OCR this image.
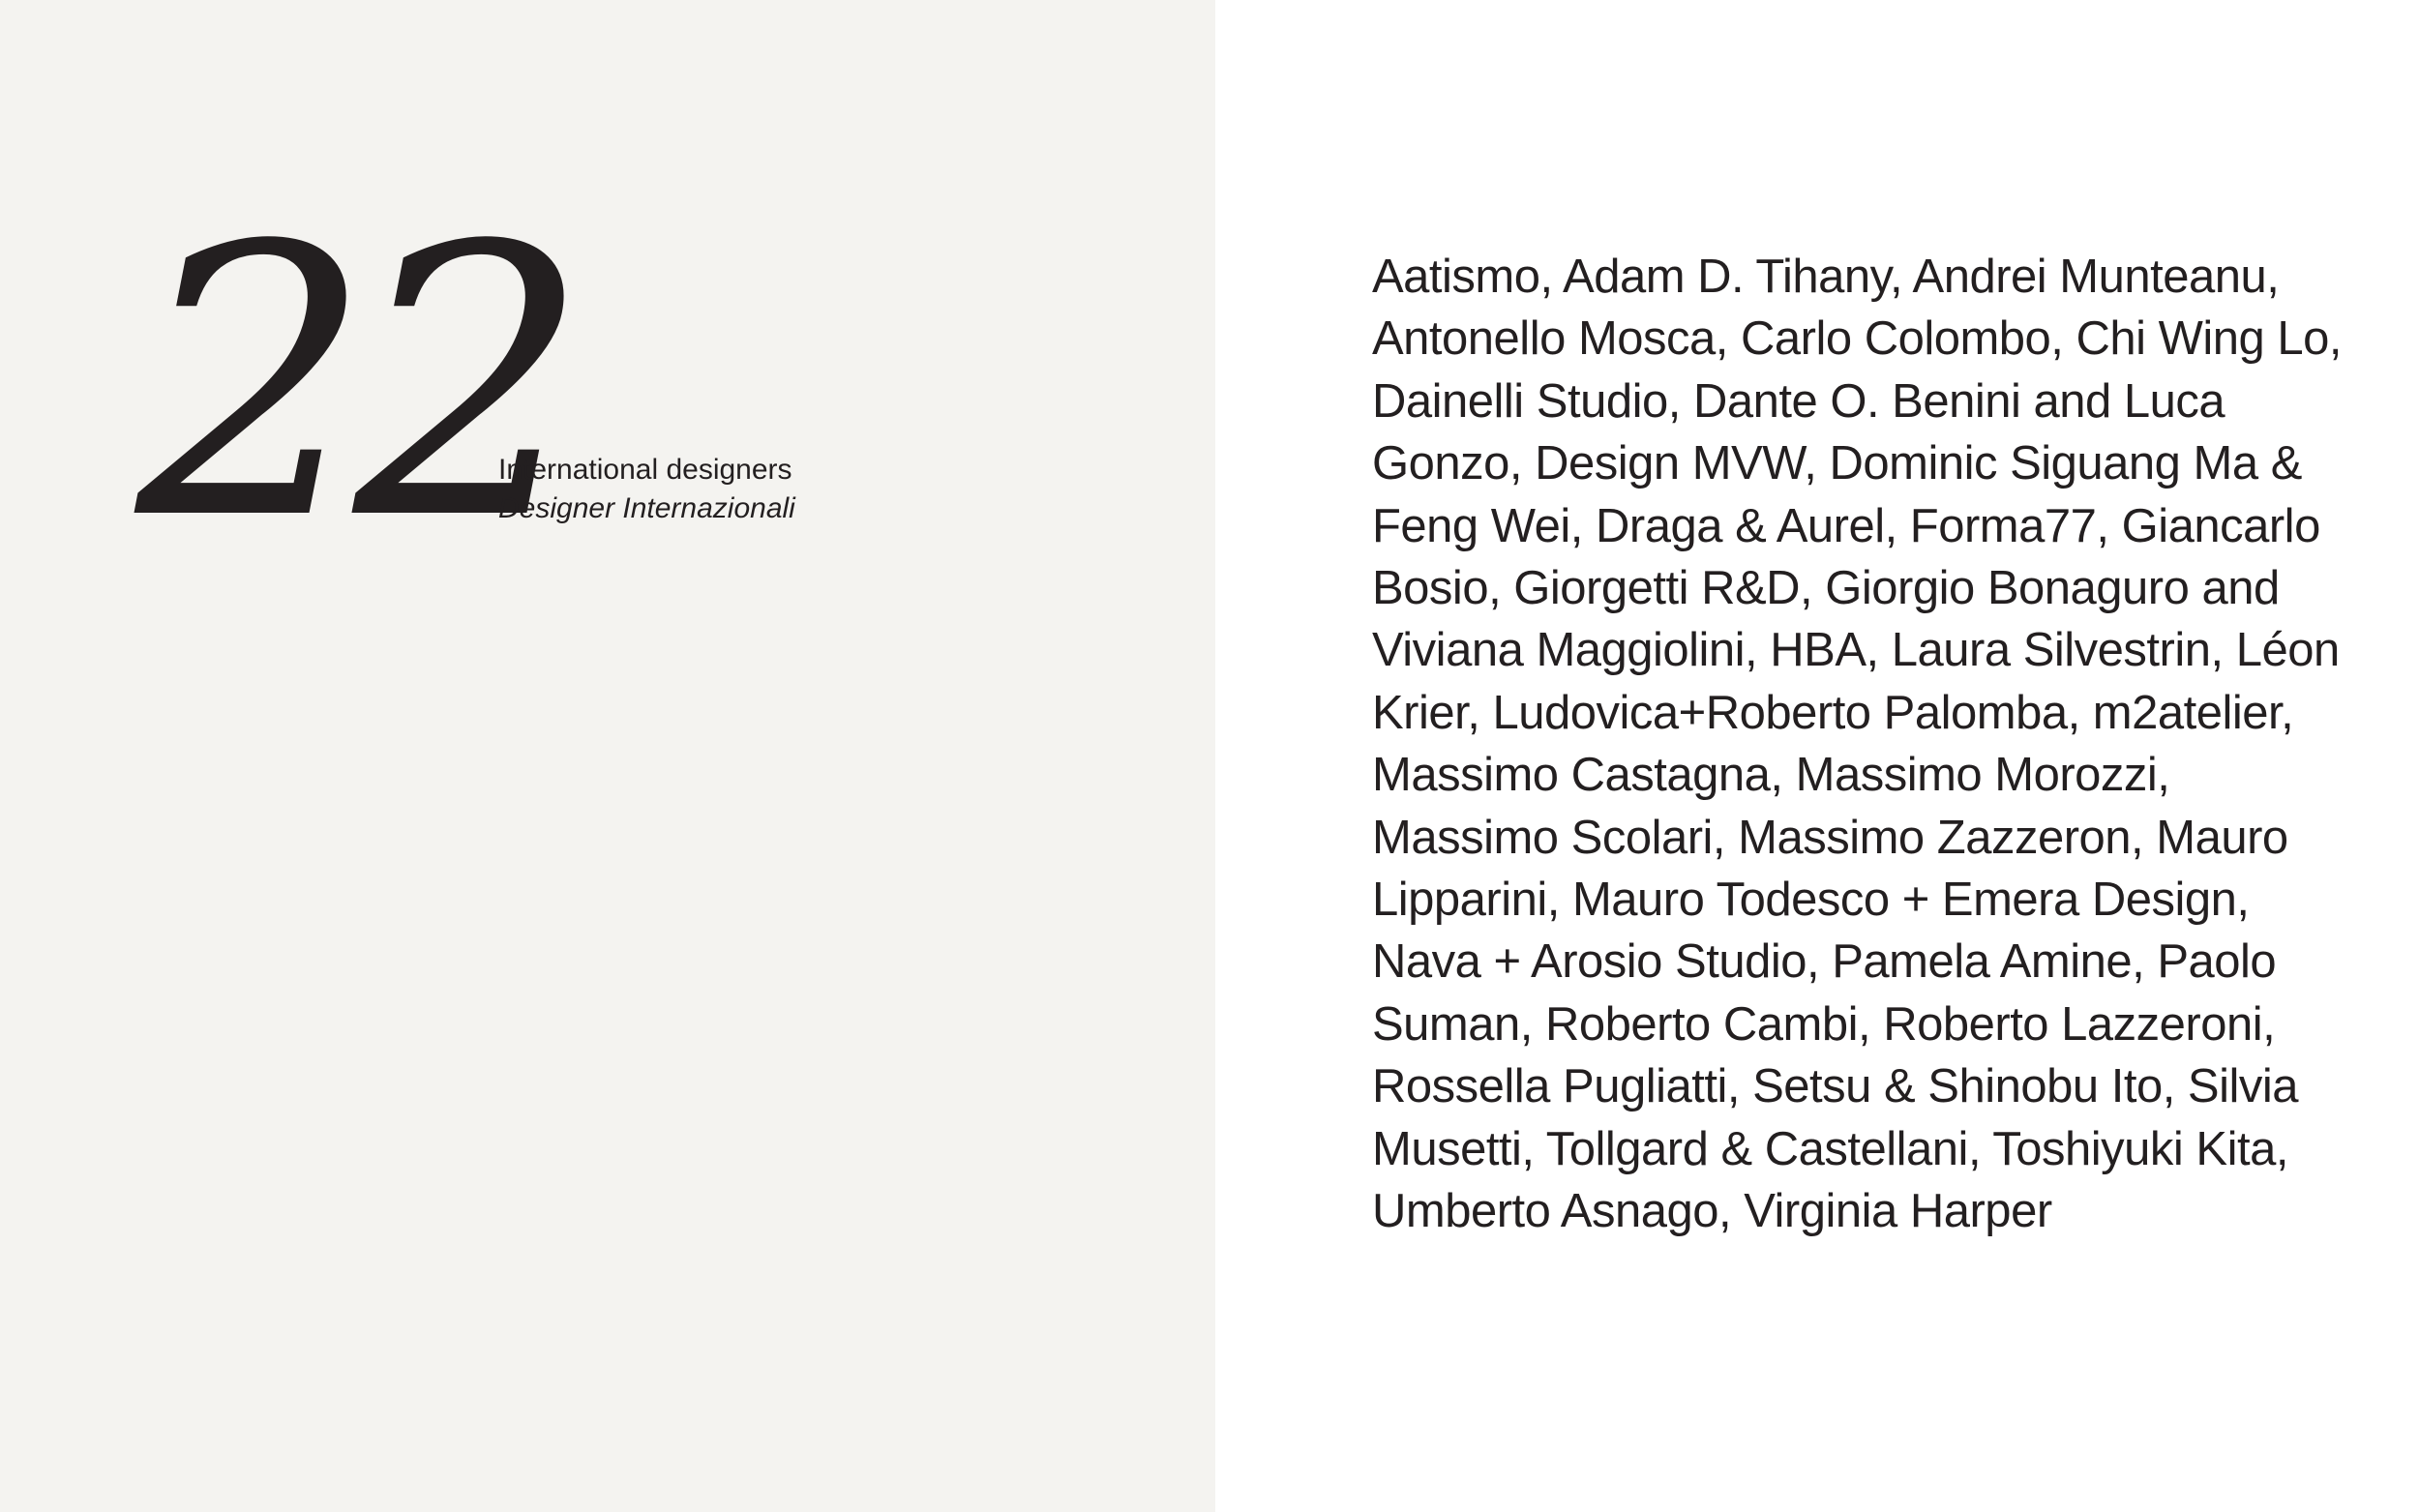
22
International designers
Designer Internazionali

Aatismo, Adam D. Tihany, Andrei Munteanu, Antonello Mosca, Carlo Colombo, Chi Wing Lo, Dainelli Studio, Dante O. Benini and Luca Gonzo, Design MVW, Dominic Siguang Ma & Feng Wei, Draga & Aurel, Forma77, Giancarlo Bosio, Giorgetti R&D, Giorgio Bonaguro and Viviana Maggiolini, HBA, Laura Silvestrin, Léon Krier, Ludovica+Roberto Palomba, m2atelier, Massimo Castagna, Massimo Morozzi, Massimo Scolari, Massimo Zazzeron, Mauro Lipparini, Mauro Todesco + Emera Design, Nava + Arosio Studio, Pamela Amine, Paolo Suman, Roberto Cambi, Roberto Lazzeroni, Rossella Pugliatti, Setsu & Shinobu Ito, Silvia Musetti, Tollgard & Castellani, Toshiyuki Kita, Umberto Asnago, Virginia Harper
